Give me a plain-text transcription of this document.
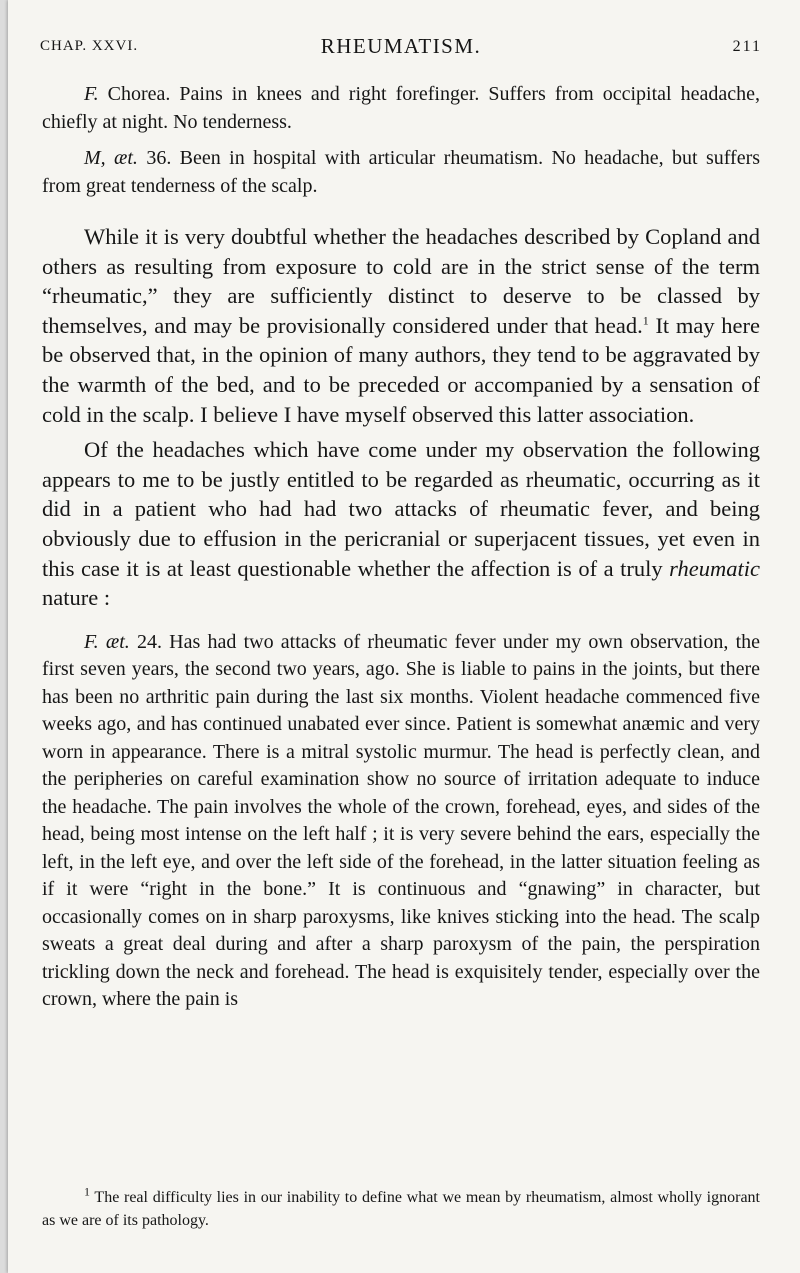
CHAP. XXVI.	RHEUMATISM.	211

F. Chorea. Pains in knees and right forefinger. Suffers from occipital headache, chiefly at night. No tenderness.

M, æt. 36. Been in hospital with articular rheumatism. No headache, but suffers from great tenderness of the scalp.

While it is very doubtful whether the headaches described by Copland and others as resulting from exposure to cold are in the strict sense of the term “rheumatic,” they are sufficiently distinct to deserve to be classed by themselves, and may be provisionally considered under that head.$^1$ It may here be observed that, in the opinion of many authors, they tend to be aggravated by the warmth of the bed, and to be preceded or accompanied by a sensation of cold in the scalp. I believe I have myself observed this latter association.

Of the headaches which have come under my observation the following appears to me to be justly entitled to be regarded as rheumatic, occurring as it did in a patient who had had two attacks of rheumatic fever, and being obviously due to effusion in the pericranial or superjacent tissues, yet even in this case it is at least questionable whether the affection is of a truly rheumatic nature :

F. æt. 24. Has had two attacks of rheumatic fever under my own observation, the first seven years, the second two years, ago. She is liable to pains in the joints, but there has been no arthritic pain during the last six months. Violent headache commenced five weeks ago, and has continued unabated ever since. Patient is somewhat anæmic and very worn in appearance. There is a mitral systolic murmur. The head is perfectly clean, and the peripheries on careful examination show no source of irritation adequate to induce the headache. The pain involves the whole of the crown, forehead, eyes, and sides of the head, being most intense on the left half ; it is very severe behind the ears, especially the left, in the left eye, and over the left side of the forehead, in the latter situation feeling as if it were “right in the bone.” It is continuous and “gnawing” in character, but occasionally comes on in sharp paroxysms, like knives sticking into the head. The scalp sweats a great deal during and after a sharp paroxysm of the pain, the perspiration trickling down the neck and forehead. The head is exquisitely tender, especially over the crown, where the pain is

$^1$ The real difficulty lies in our inability to define what we mean by rheumatism, almost wholly ignorant as we are of its pathology.
